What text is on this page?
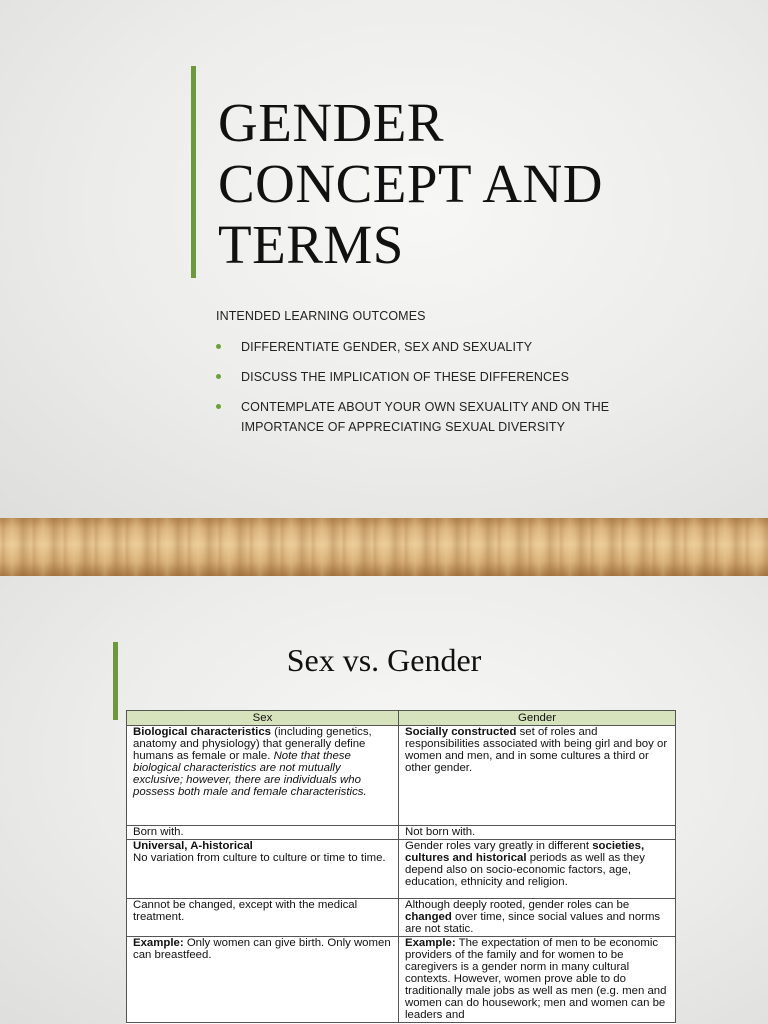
GENDER
CONCEPT AND
TERMS
INTENDED LEARNING OUTCOMES
DIFFERENTIATE GENDER, SEX AND SEXUALITY
DISCUSS THE IMPLICATION OF THESE DIFFERENCES
CONTEMPLATE ABOUT YOUR OWN SEXUALITY AND ON THE IMPORTANCE OF APPRECIATING SEXUAL DIVERSITY
Sex vs. Gender
Sex	Gender
Biological characteristics (including genetics, anatomy and physiology) that generally define humans as female or male. Note that these biological characteristics are not mutually exclusive; however, there are individuals who possess both male and female characteristics.	Socially constructed set of roles and responsibilities associated with being girl and boy or women and men, and in some cultures a third or other gender.
Born with.	Not born with.
Universal, A-historical
No variation from culture to culture or time to time.	Gender roles vary greatly in different societies, cultures and historical periods as well as they depend also on socio-economic factors, age, education, ethnicity and religion.
Cannot be changed, except with the medical treatment.	Although deeply rooted, gender roles can be changed over time, since social values and norms are not static.
Example: Only women can give birth. Only women can breastfeed.	Example: The expectation of men to be economic providers of the family and for women to be caregivers is a gender norm in many cultural contexts. However, women prove able to do traditionally male jobs as well as men (e.g. men and women can do housework; men and women can be leaders and
